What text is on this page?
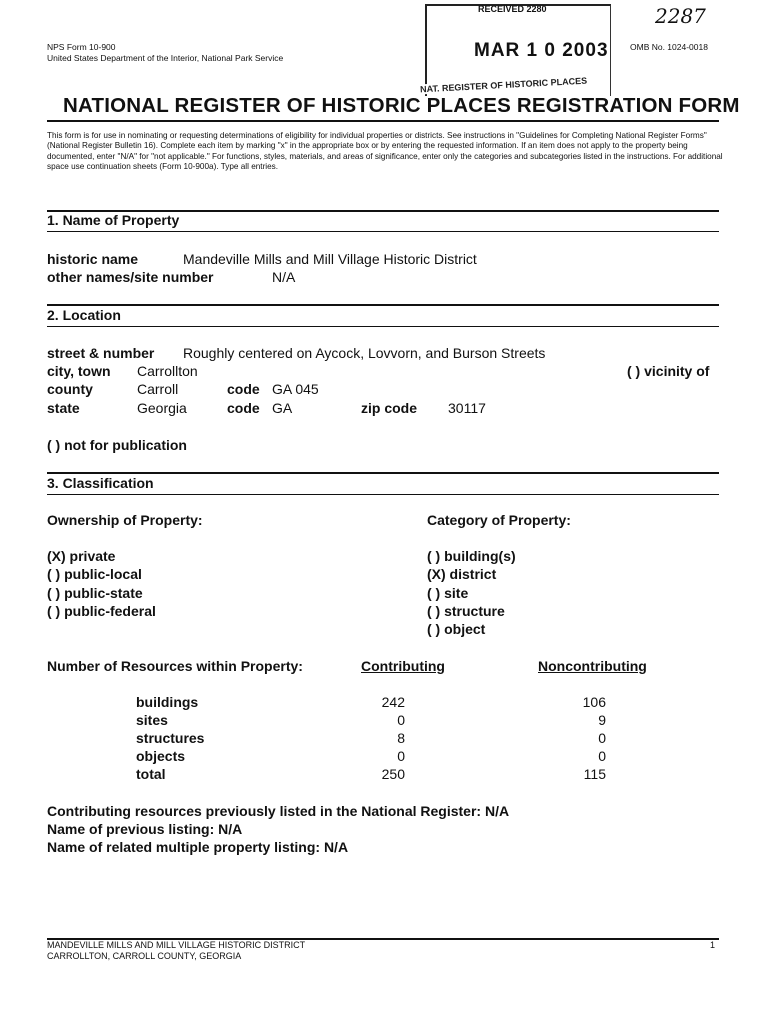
NPS Form 10-900
United States Department of the Interior, National Park Service
OMB No. 1024-0018
RECEIVED 2280
MAR 1 0 2003
2287
NATIONAL REGISTER OF HISTORIC PLACES REGISTRATION FORM
NAT. REGISTER OF HISTORIC PLACES
This form is for use in nominating or requesting determinations of eligibility for individual properties or districts. See instructions in "Guidelines for Completing National Register Forms" (National Register Bulletin 16). Complete each item by marking "x" in the appropriate box or by entering the requested information. If an item does not apply to the property being documented, enter "N/A" for "not applicable." For functions, styles, materials, and areas of significance, enter only the categories and subcategories listed in the instructions. For additional space use continuation sheets (Form 10-900a). Type all entries.
1. Name of Property
historic name	Mandeville Mills and Mill Village Historic District
other names/site number	N/A
2. Location
street & number Roughly centered on Aycock, Lovvorn, and Burson Streets
city, town Carrollton	( ) vicinity of
county	Carroll	code GA 045
state	Georgia	code GA	zip code 30117
( ) not for publication
3. Classification
Ownership of Property:	Category of Property:
(X) private
( ) public-local
( ) public-state
( ) public-federal
( ) building(s)
(X) district
( ) site
( ) structure
( ) object
Number of Resources within Property:	Contributing	Noncontributing
buildings	242	106
sites	0	9
structures	8	0
objects	0	0
total	250	115
Contributing resources previously listed in the National Register: N/A
Name of previous listing: N/A
Name of related multiple property listing: N/A
MANDEVILLE MILLS AND MILL VILLAGE HISTORIC DISTRICT
CARROLLTON, CARROLL COUNTY, GEORGIA
1
